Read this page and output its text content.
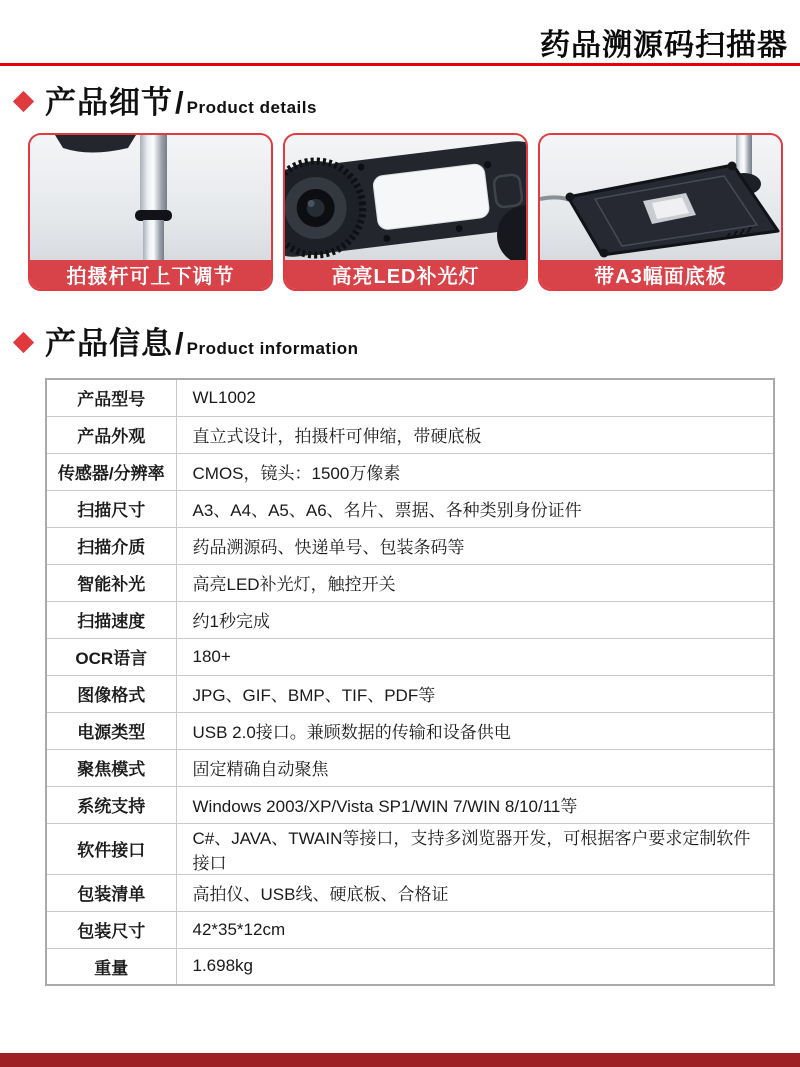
药品溯源码扫描器
产品细节 / Product details
拍摄杆可上下调节	高亮LED补光灯	带A3幅面底板
产品信息 / Product information
产品型号	WL1002
产品外观	直立式设计，拍摄杆可伸缩，带硬底板
传感器/分辨率	CMOS，镜头：1500万像素
扫描尺寸	A3、A4、A5、A6、名片、票据、各种类别身份证件
扫描介质	药品溯源码、快递单号、包装条码等
智能补光	高亮LED补光灯，触控开关
扫描速度	约1秒完成
OCR语言	180+
图像格式	JPG、GIF、BMP、TIF、PDF等
电源类型	USB 2.0接口。兼顾数据的传输和设备供电
聚焦模式	固定精确自动聚焦
系统支持	Windows 2003/XP/Vista SP1/WIN 7/WIN 8/10/11等
软件接口	C#、JAVA、TWAIN等接口，支持多浏览器开发，可根据客户要求定制软件接口
包装清单	高拍仪、USB线、硬底板、合格证
包装尺寸	42*35*12cm
重量	1.698kg
